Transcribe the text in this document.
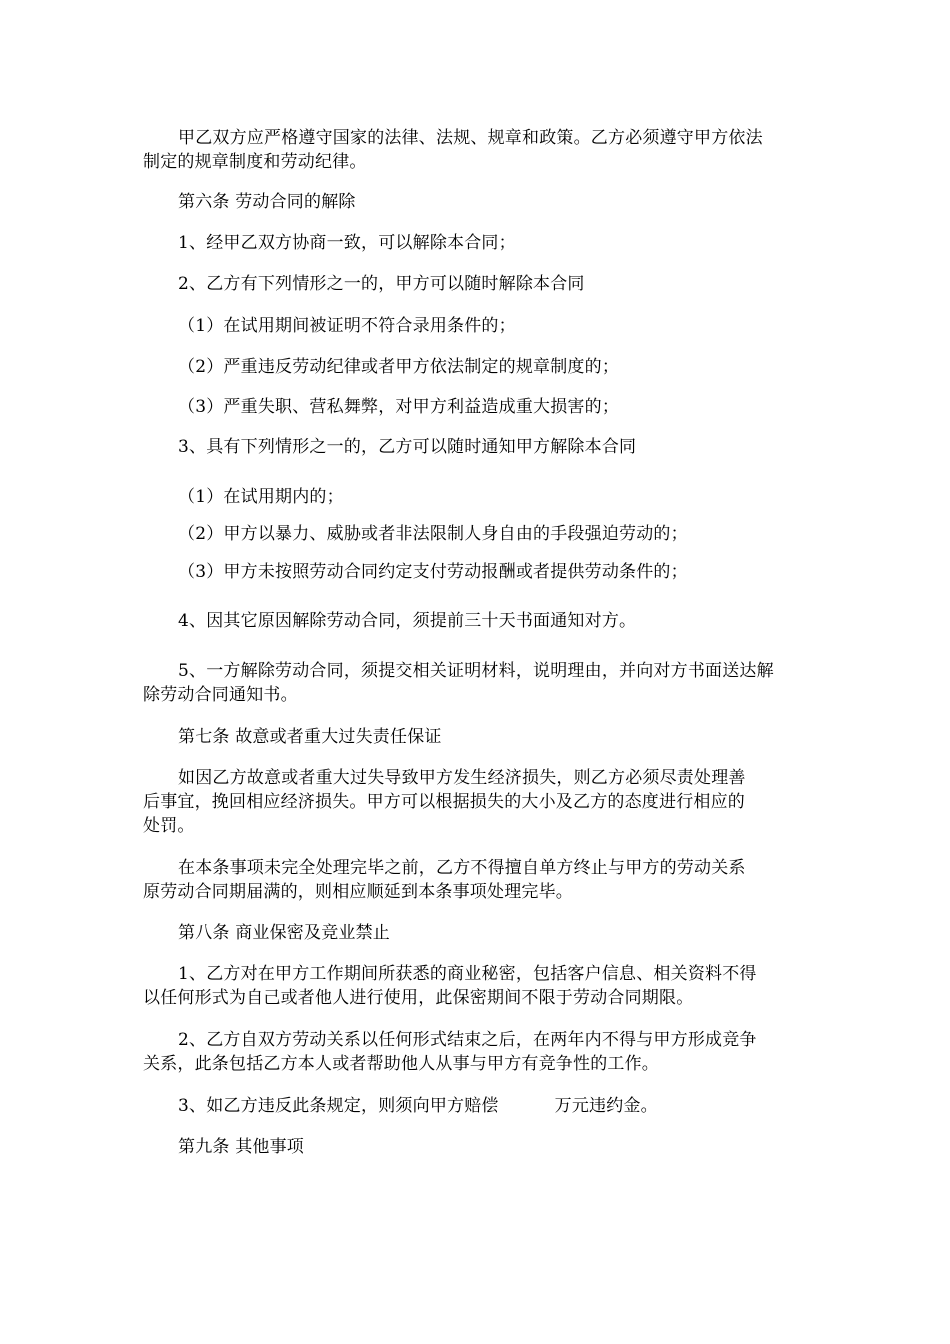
甲乙双方应严格遵守国家的法律、法规、规章和政策。乙方必须遵守甲方依法
制定的规章制度和劳动纪律。
第六条 劳动合同的解除
1、经甲乙双方协商一致，可以解除本合同；
2、乙方有下列情形之一的，甲方可以随时解除本合同
（1）在试用期间被证明不符合录用条件的；
（2）严重违反劳动纪律或者甲方依法制定的规章制度的；
（3）严重失职、营私舞弊，对甲方利益造成重大损害的；
3、具有下列情形之一的，乙方可以随时通知甲方解除本合同
（1）在试用期内的；
（2）甲方以暴力、威胁或者非法限制人身自由的手段强迫劳动的；
（3）甲方未按照劳动合同约定支付劳动报酬或者提供劳动条件的；
4、因其它原因解除劳动合同，须提前三十天书面通知对方。
5、一方解除劳动合同，须提交相关证明材料，说明理由，并向对方书面送达解
除劳动合同通知书。
第七条 故意或者重大过失责任保证
如因乙方故意或者重大过失导致甲方发生经济损失，则乙方必须尽责处理善
后事宜，挽回相应经济损失。甲方可以根据损失的大小及乙方的态度进行相应的
处罚。
在本条事项未完全处理完毕之前，乙方不得擅自单方终止与甲方的劳动关系
原劳动合同期届满的，则相应顺延到本条事项处理完毕。
第八条 商业保密及竞业禁止
1、乙方对在甲方工作期间所获悉的商业秘密，包括客户信息、相关资料不得
以任何形式为自己或者他人进行使用，此保密期间不限于劳动合同期限。
2、乙方自双方劳动关系以任何形式结束之后，在两年内不得与甲方形成竞争
关系，此条包括乙方本人或者帮助他人从事与甲方有竞争性的工作。
3、如乙方违反此条规定，则须向甲方赔偿          万元违约金。
第九条 其他事项
